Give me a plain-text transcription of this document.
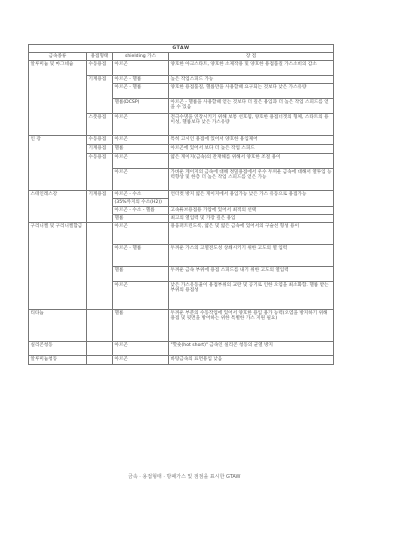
GTAW			
금속종류	용접형태	shielding 가스	장 점
알루미늄 및 마그네슘	수동용접	아르곤	양호한 아크스타트, 양호한 소제작용 및 양호한 용접품질 가스소비의 감소
	기계용접	아르곤 - 헬륨	높은 작업스피드 가능
		아르곤 - 헬륨	양호한 용접품질, 헬륨만을 사용할때 요구되는 것보다 낮은 가스유량
		헬륨(DCSP)	아르곤 - 헬륨을 사용할때 얻는 것보다 더 깊은 용입과 더 높은 작업 스피드를 얻을 수 있음
	스폿용접	아르곤	전극수명을 연장시키기 위해 보통 선호됨, 양호한 용접너겟의 형체, 스타트의 용이성, 헬륨보다 낮은 가스유량
인 강	수동용접	아르곤	특히 고시인 용접에 있어서 양호한 용입제어
	기계용접	헬륨	아르곤에 있어서 보다 더 높은 작업 스피드
	수동용접	아르곤	얇은 게이지(금속)의 잔재해를 위해서 양호한 조절 용이
		아르곤	가벼운 게이지의 금속에 대해 정밀용접에서 우수 두꺼운 금속에 대해서 열투입 능력향상 및 한층 더 높은 작업 스피드를 얻은 가능
스테인레스강	기계용접	아르곤 - 수소	언더컷 방지 얇은 게이지에서 용입가능 낮은 가스 유동으로 용접가능
		(35%까지의 수소(H2))	
		아르곤 - 수소 - 헬륨	고속튜브용접용 가압에 있어서 최적의 선택
		헬륨	최고의 열입력 및 가장 깊은 용입
구리니켈 및 구리니켈합금		아르곤	용융퍼트린도록, 얇은 및 얇은 금속에 있어서의 구슬선 형성 용이
		아르곤 - 헬륨	두꺼운 가스의 고열전도성 상쇄시키기 위한 고도의 열 입력
		헬륨	두꺼운 금속 부위에 용접 스피드를 내기 위한 고도의 열입력
		아르곤	낮은 가스유동율이 용접부위의 교란 및 공기로 인한 오염을 최소화함. 헬륨 받는 부위의 용접성
티타늄		헬륨	두꺼운 부분의 수동작업에 있어서 양호한 용입 용가 능력(오염을 방지하기 위해 용접 및 뒷면을 방어하는 위한 특별한 가스 지원 필요)
실리콘청동		아르곤	"핫숏(hot short)" 금속인 실리콘 청동의 균열 방지
알루미늄청동		아르곤	바탕금속의 표면용입 낮음
금속 · 용접형태 · 방패가스 및 점점을 표시한 GTAW
